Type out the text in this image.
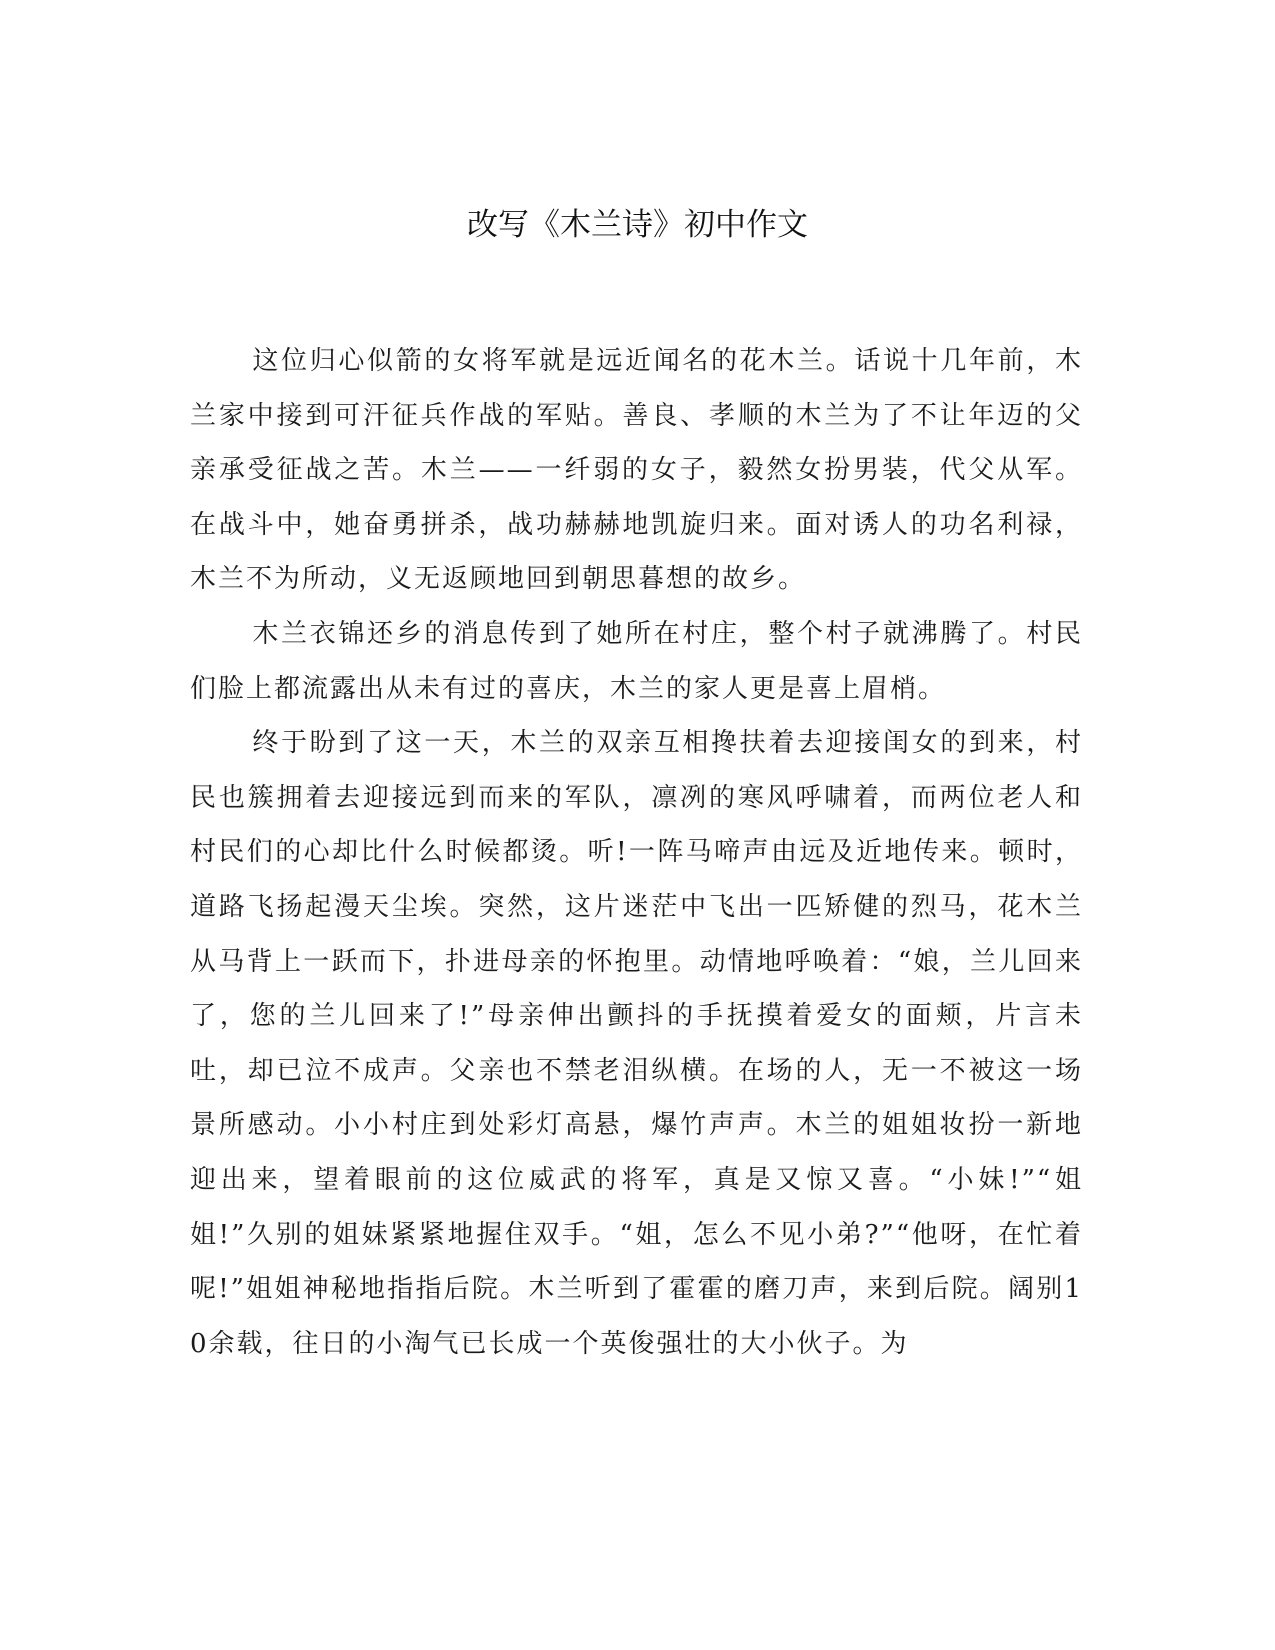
改写《木兰诗》初中作文

这位归心似箭的女将军就是远近闻名的花木兰。话说十几年前，木兰家中接到可汗征兵作战的军贴。善良、孝顺的木兰为了不让年迈的父亲承受征战之苦。木兰——一纤弱的女子，毅然女扮男装，代父从军。在战斗中，她奋勇拼杀，战功赫赫地凯旋归来。面对诱人的功名利禄，木兰不为所动，义无返顾地回到朝思暮想的故乡。

木兰衣锦还乡的消息传到了她所在村庄，整个村子就沸腾了。村民们脸上都流露出从未有过的喜庆，木兰的家人更是喜上眉梢。

终于盼到了这一天，木兰的双亲互相搀扶着去迎接闺女的到来，村民也簇拥着去迎接远到而来的军队，凛冽的寒风呼啸着，而两位老人和村民们的心却比什么时候都烫。听!一阵马啼声由远及近地传来。顿时，道路飞扬起漫天尘埃。突然，这片迷茫中飞出一匹矫健的烈马，花木兰从马背上一跃而下，扑进母亲的怀抱里。动情地呼唤着：“娘，兰儿回来了，您的兰儿回来了!”母亲伸出颤抖的手抚摸着爱女的面颊，片言未吐，却已泣不成声。父亲也不禁老泪纵横。在场的人，无一不被这一场景所感动。小小村庄到处彩灯高悬，爆竹声声。木兰的姐姐妆扮一新地迎出来，望着眼前的这位威武的将军，真是又惊又喜。“小妹!”“姐姐!”久别的姐妹紧紧地握住双手。“姐，怎么不见小弟?”“他呀，在忙着呢!”姐姐神秘地指指后院。木兰听到了霍霍的磨刀声，来到后院。阔别10余载，往日的小淘气已长成一个英俊强壮的大小伙子。为
